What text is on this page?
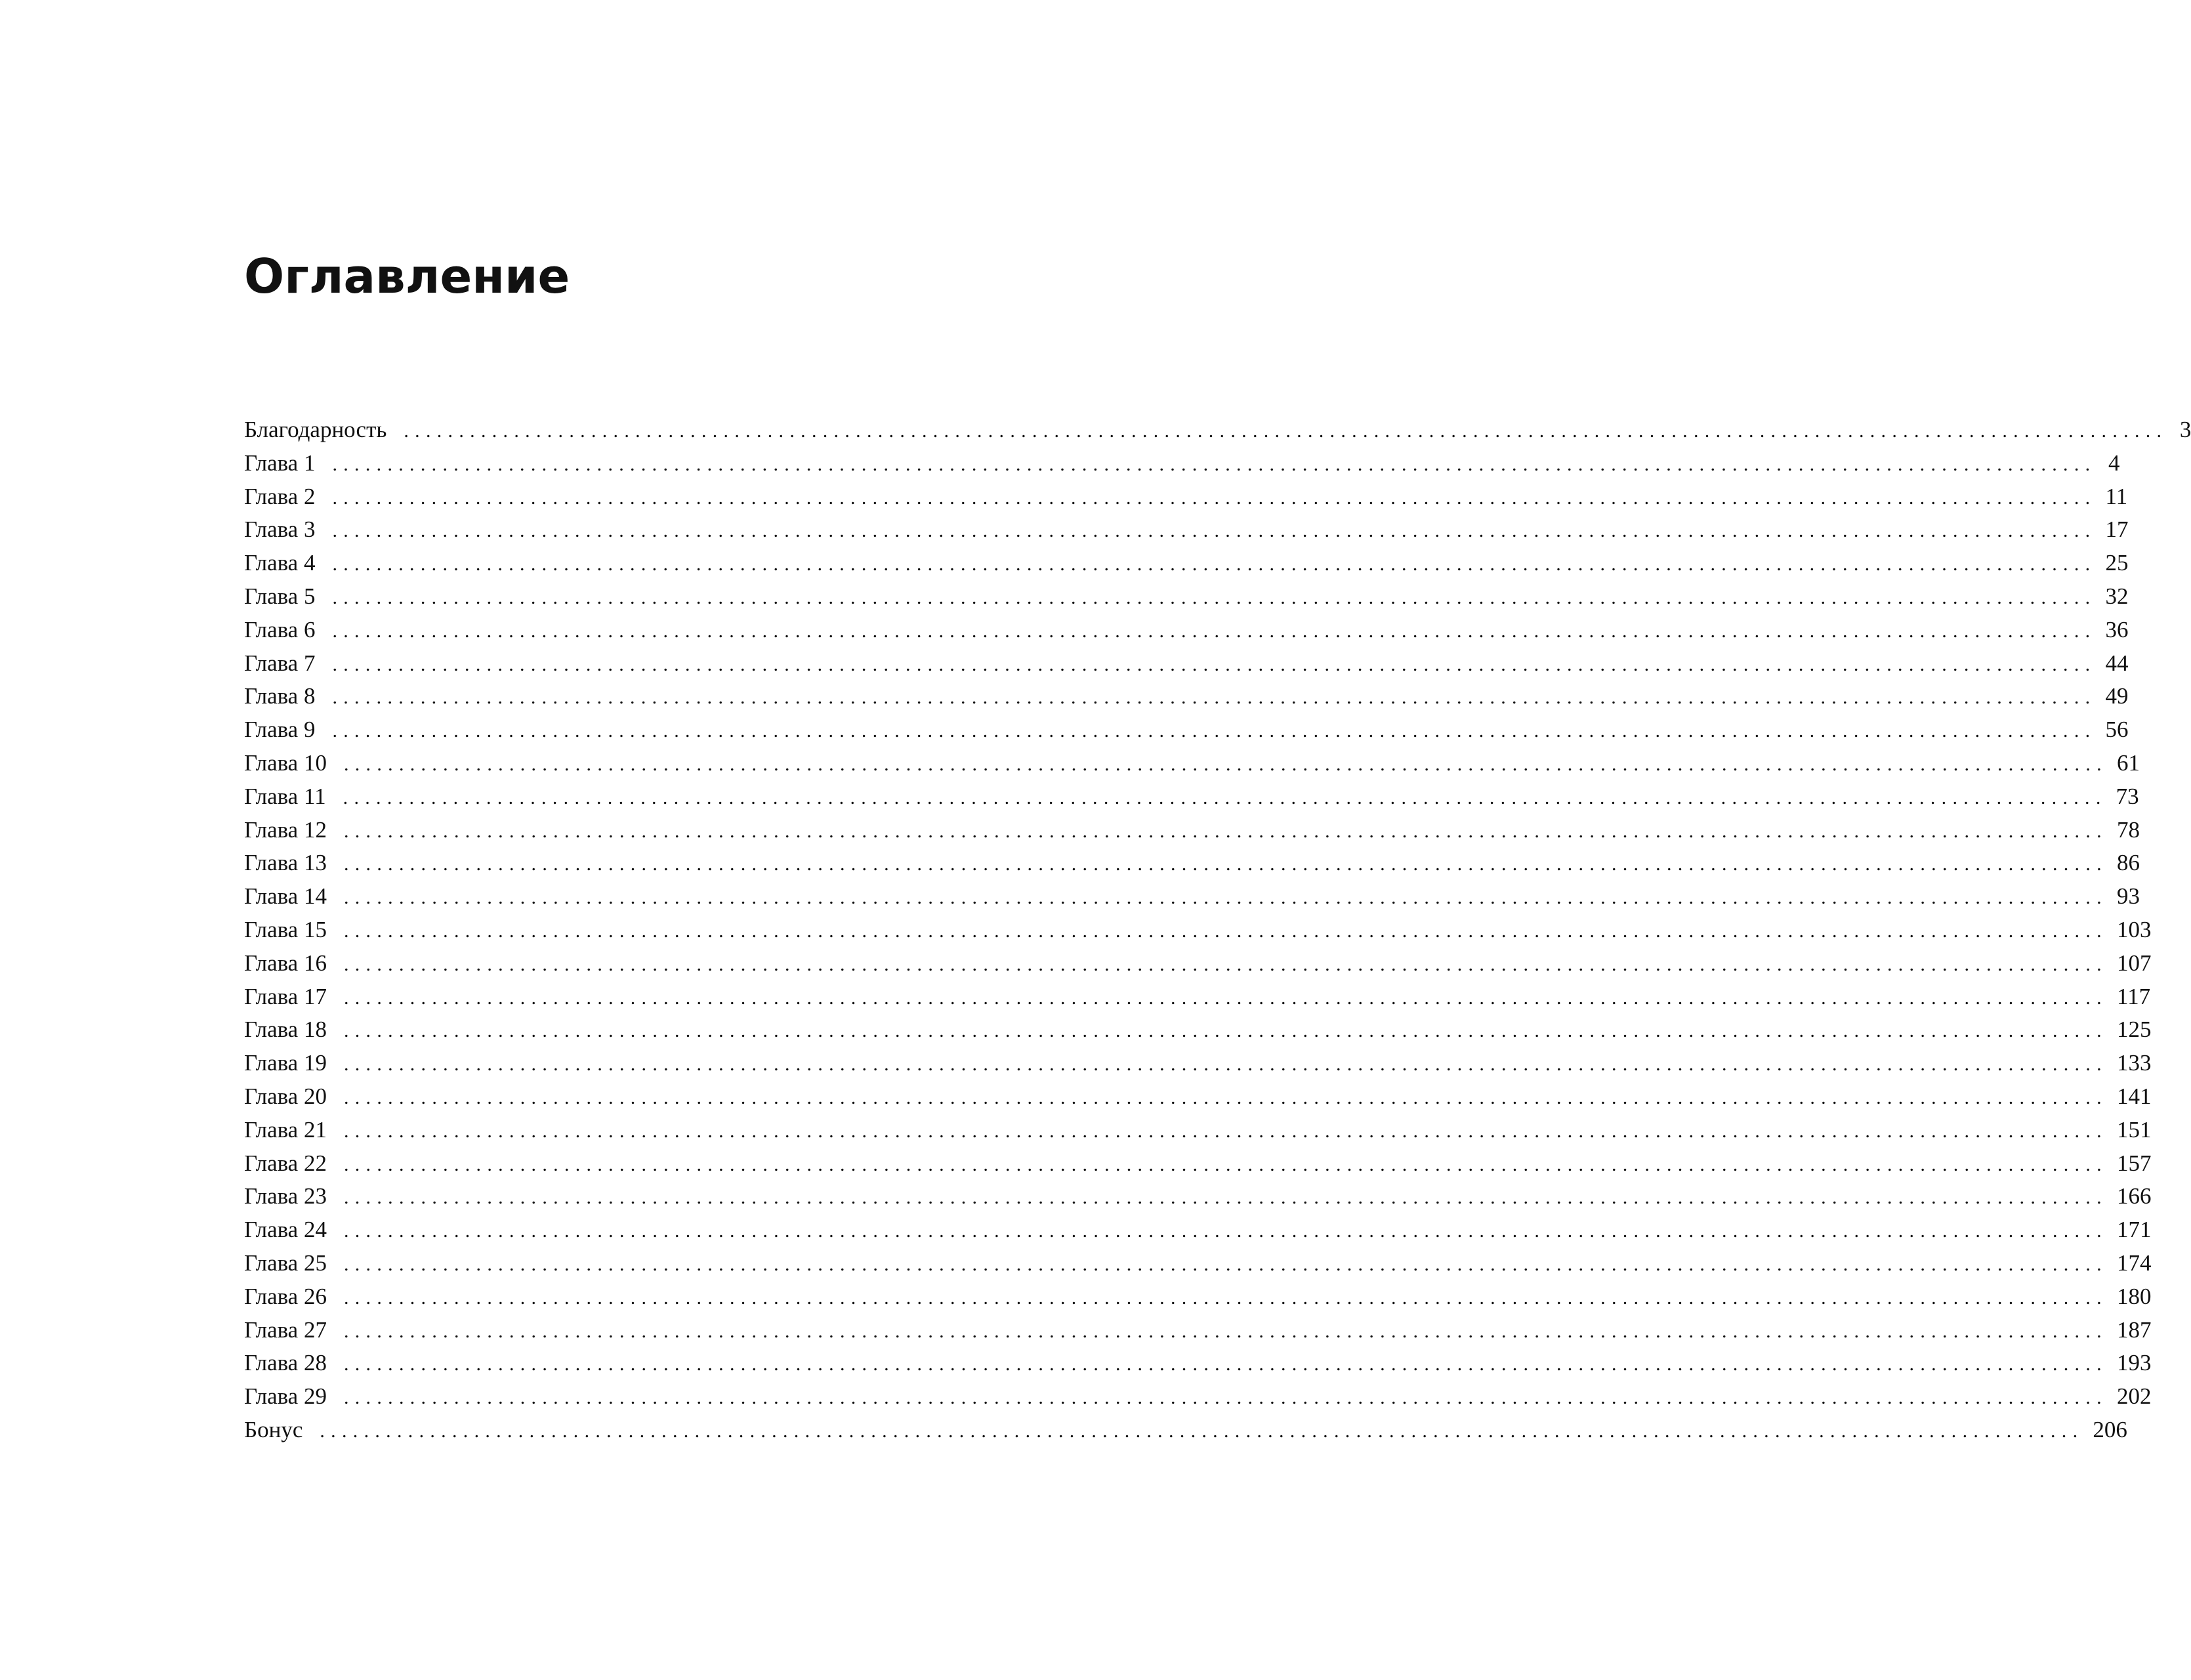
Оглавление
Благодарность ................................................................................................................................................................ 3
Глава 1 ................................................................................................................................................................ 4
Глава 2 ................................................................................................................................................................ 11
Глава 3 ................................................................................................................................................................ 17
Глава 4 ................................................................................................................................................................ 25
Глава 5 ................................................................................................................................................................ 32
Глава 6 ................................................................................................................................................................ 36
Глава 7 ................................................................................................................................................................ 44
Глава 8 ................................................................................................................................................................ 49
Глава 9 ................................................................................................................................................................ 56
Глава 10 ................................................................................................................................................................ 61
Глава 11 ................................................................................................................................................................ 73
Глава 12 ................................................................................................................................................................ 78
Глава 13 ................................................................................................................................................................ 86
Глава 14 ................................................................................................................................................................ 93
Глава 15 ................................................................................................................................................................ 103
Глава 16 ................................................................................................................................................................ 107
Глава 17 ................................................................................................................................................................ 117
Глава 18 ................................................................................................................................................................ 125
Глава 19 ................................................................................................................................................................ 133
Глава 20 ................................................................................................................................................................ 141
Глава 21 ................................................................................................................................................................ 151
Глава 22 ................................................................................................................................................................ 157
Глава 23 ................................................................................................................................................................ 166
Глава 24 ................................................................................................................................................................ 171
Глава 25 ................................................................................................................................................................ 174
Глава 26 ................................................................................................................................................................ 180
Глава 27 ................................................................................................................................................................ 187
Глава 28 ................................................................................................................................................................ 193
Глава 29 ................................................................................................................................................................ 202
Бонус ................................................................................................................................................................ 206
